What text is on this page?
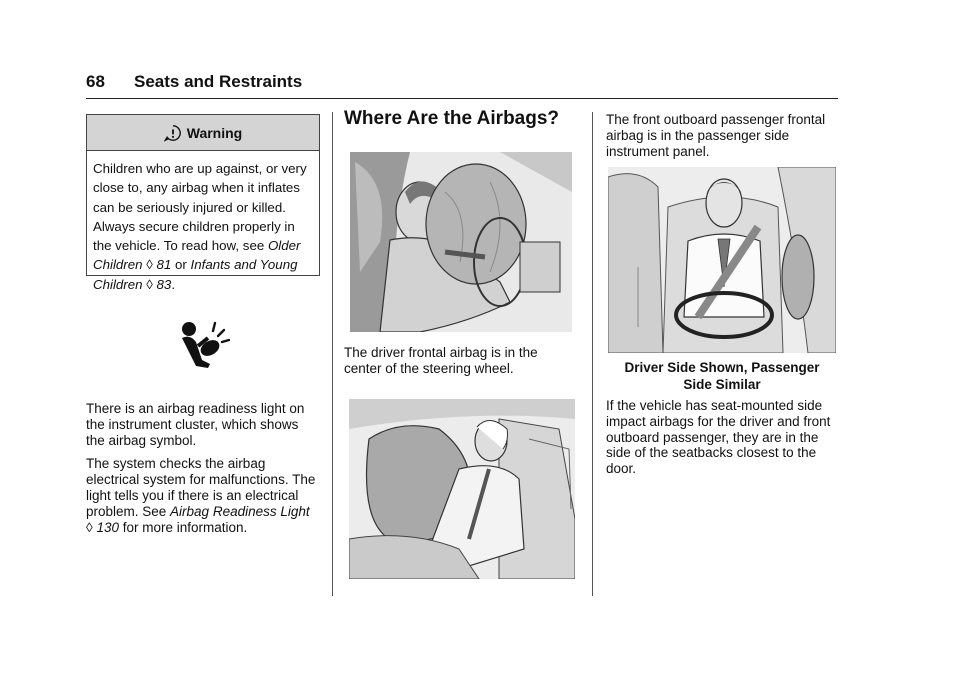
68 Seats and Restraints
Warning
Children who are up against, or very close to, any airbag when it inflates can be seriously injured or killed. Always secure children properly in the vehicle. To read how, see Older Children ◊ 81 or Infants and Young Children ◊ 83.

There is an airbag readiness light on the instrument cluster, which shows the airbag symbol.

The system checks the airbag electrical system for malfunctions. The light tells you if there is an electrical problem. See Airbag Readiness Light ◊ 130 for more information.

Where Are the Airbags?

The driver frontal airbag is in the center of the steering wheel.

The front outboard passenger frontal airbag is in the passenger side instrument panel.

Driver Side Shown, Passenger
Side Similar

If the vehicle has seat-mounted side impact airbags for the driver and front outboard passenger, they are in the side of the seatbacks closest to the door.
